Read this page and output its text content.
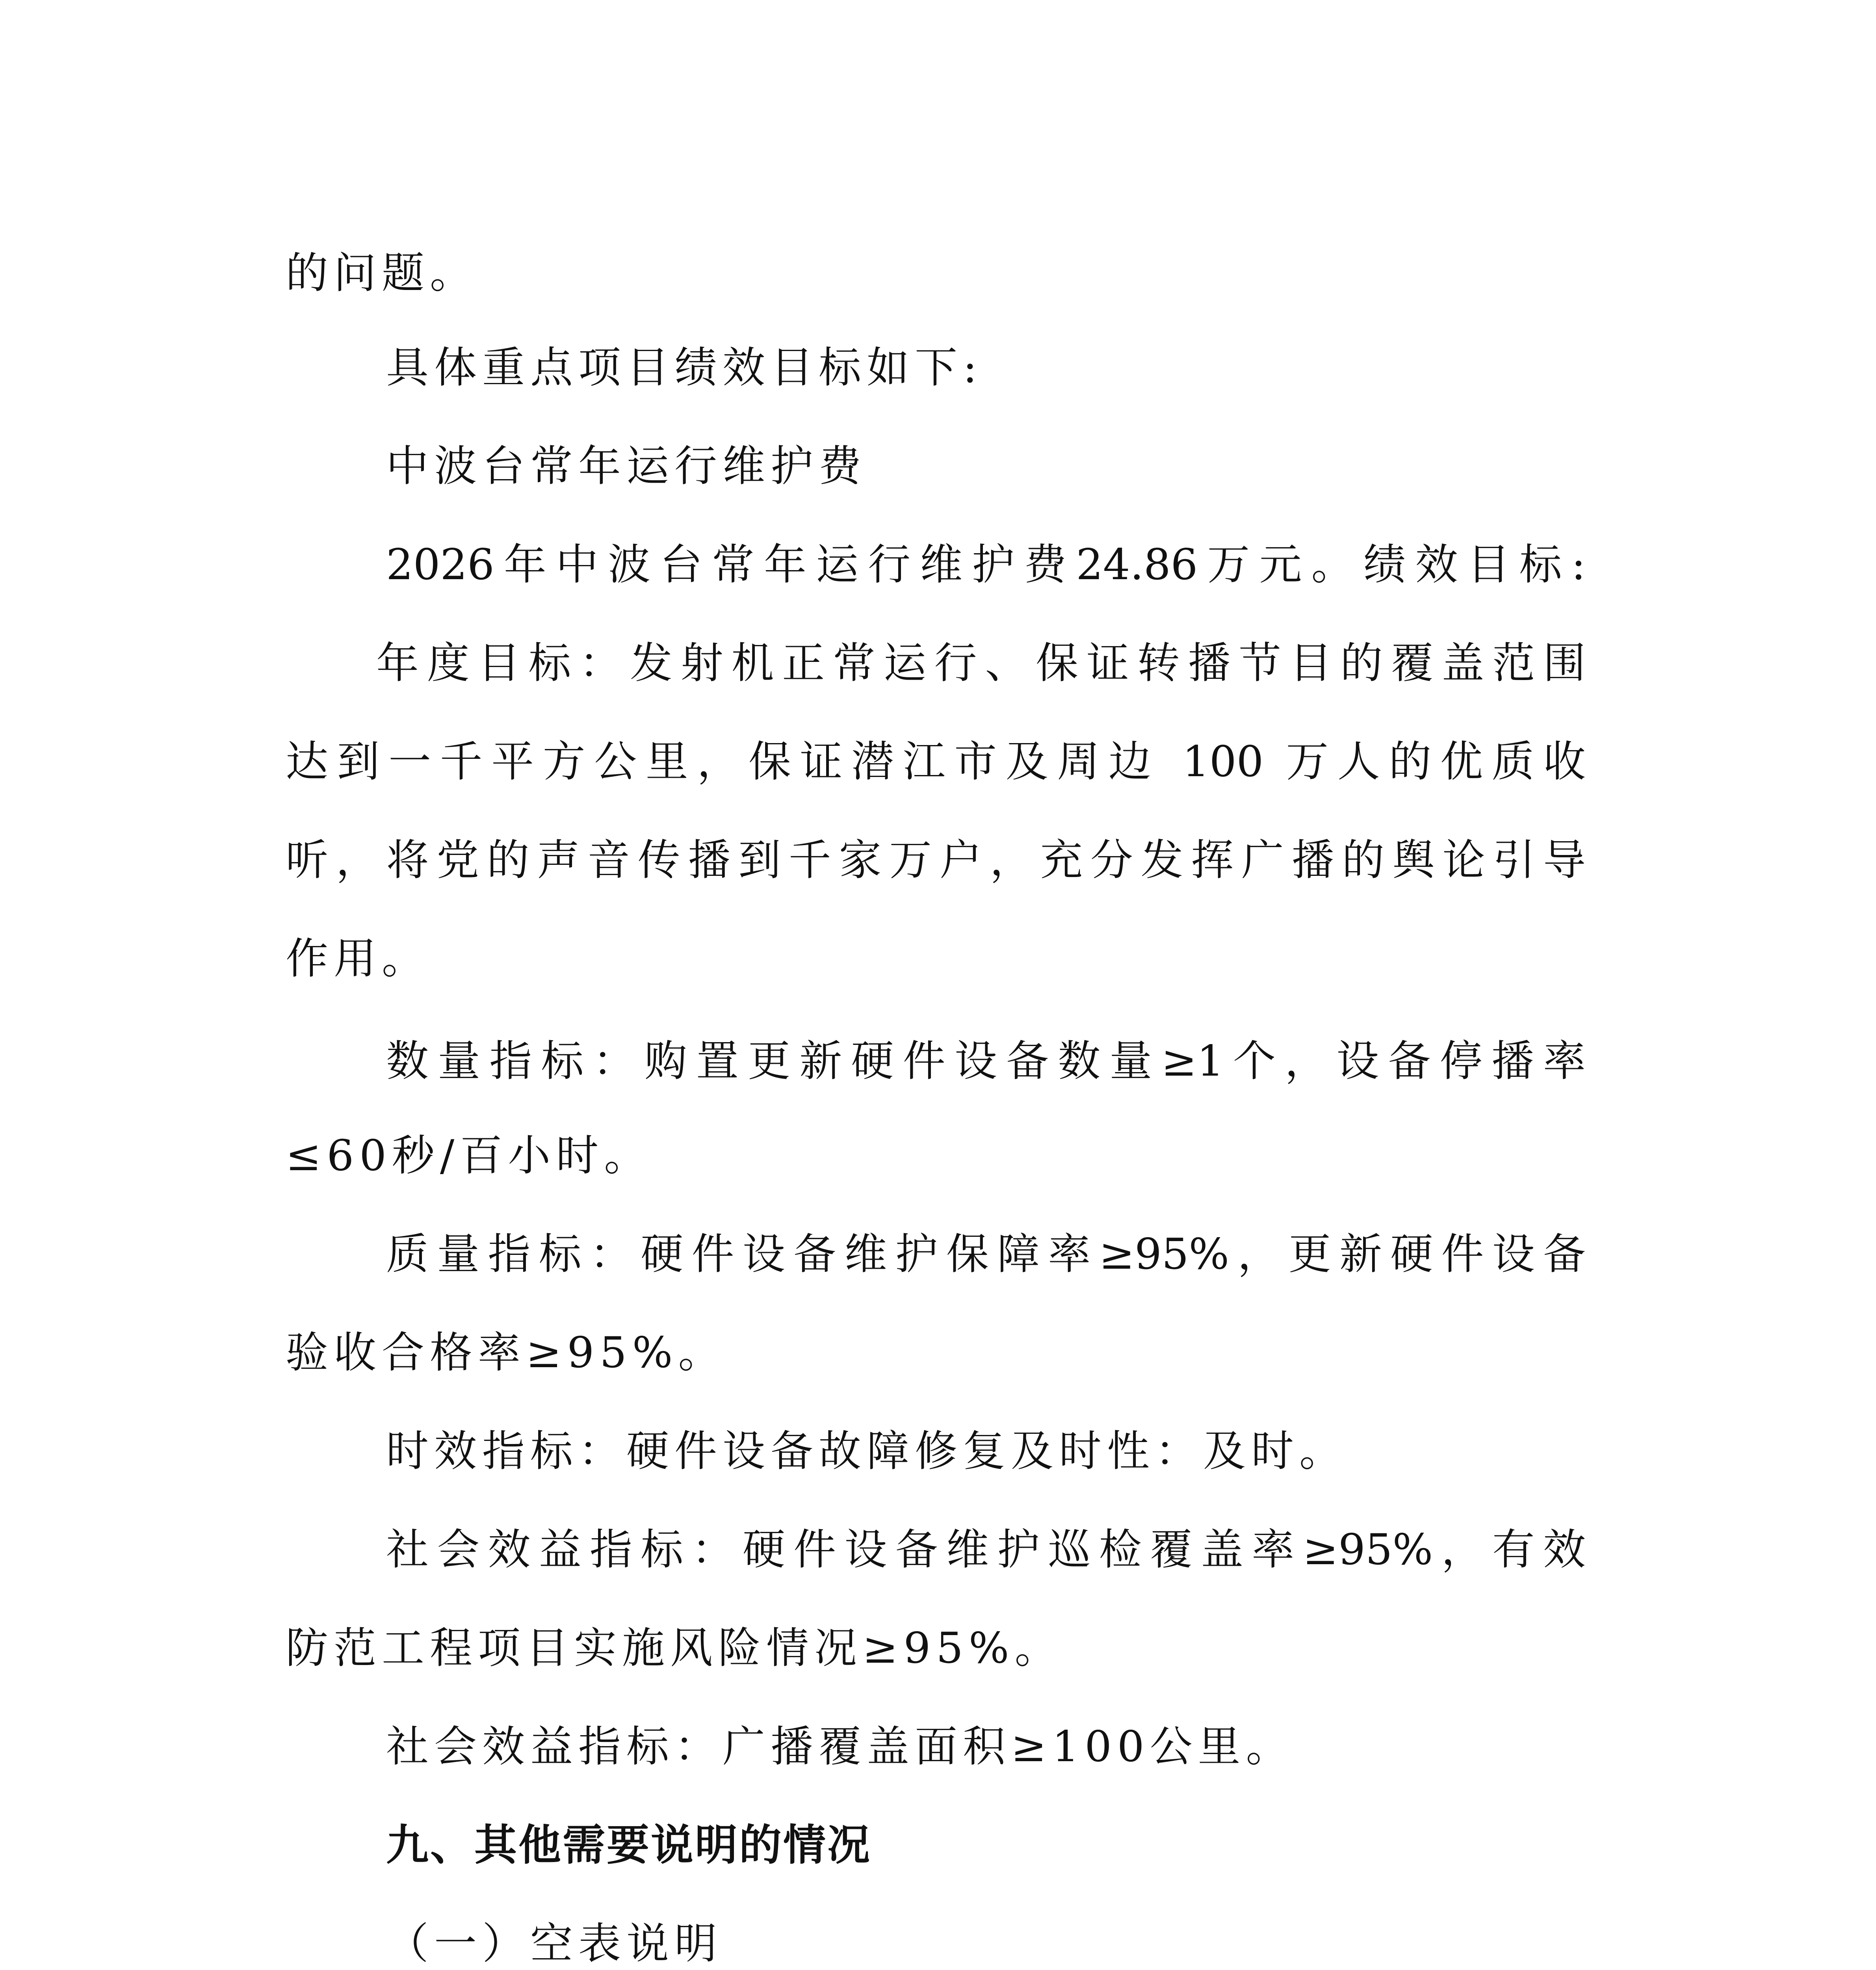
的问题。
具体重点项目绩效目标如下:
中波台常年运行维护费
2026年中波台常年运行维护费24.86万元。绩效目标:
年度目标：发射机正常运行、保证转播节目的覆盖范围
达到一千平方公里，保证潜江市及周边 100 万人的优质收
听，将党的声音传播到千家万户，充分发挥广播的舆论引导
作用。
数量指标：购置更新硬件设备数量≥1个，设备停播率
≤60秒/百小时。
质量指标：硬件设备维护保障率≥95%，更新硬件设备
验收合格率≥95%。
时效指标：硬件设备故障修复及时性：及时。
社会效益指标：硬件设备维护巡检覆盖率≥95%，有效
防范工程项目实施风险情况≥95%。
社会效益指标：广播覆盖面积≥100公里。
九、其他需要说明的情况
（一）空表说明
